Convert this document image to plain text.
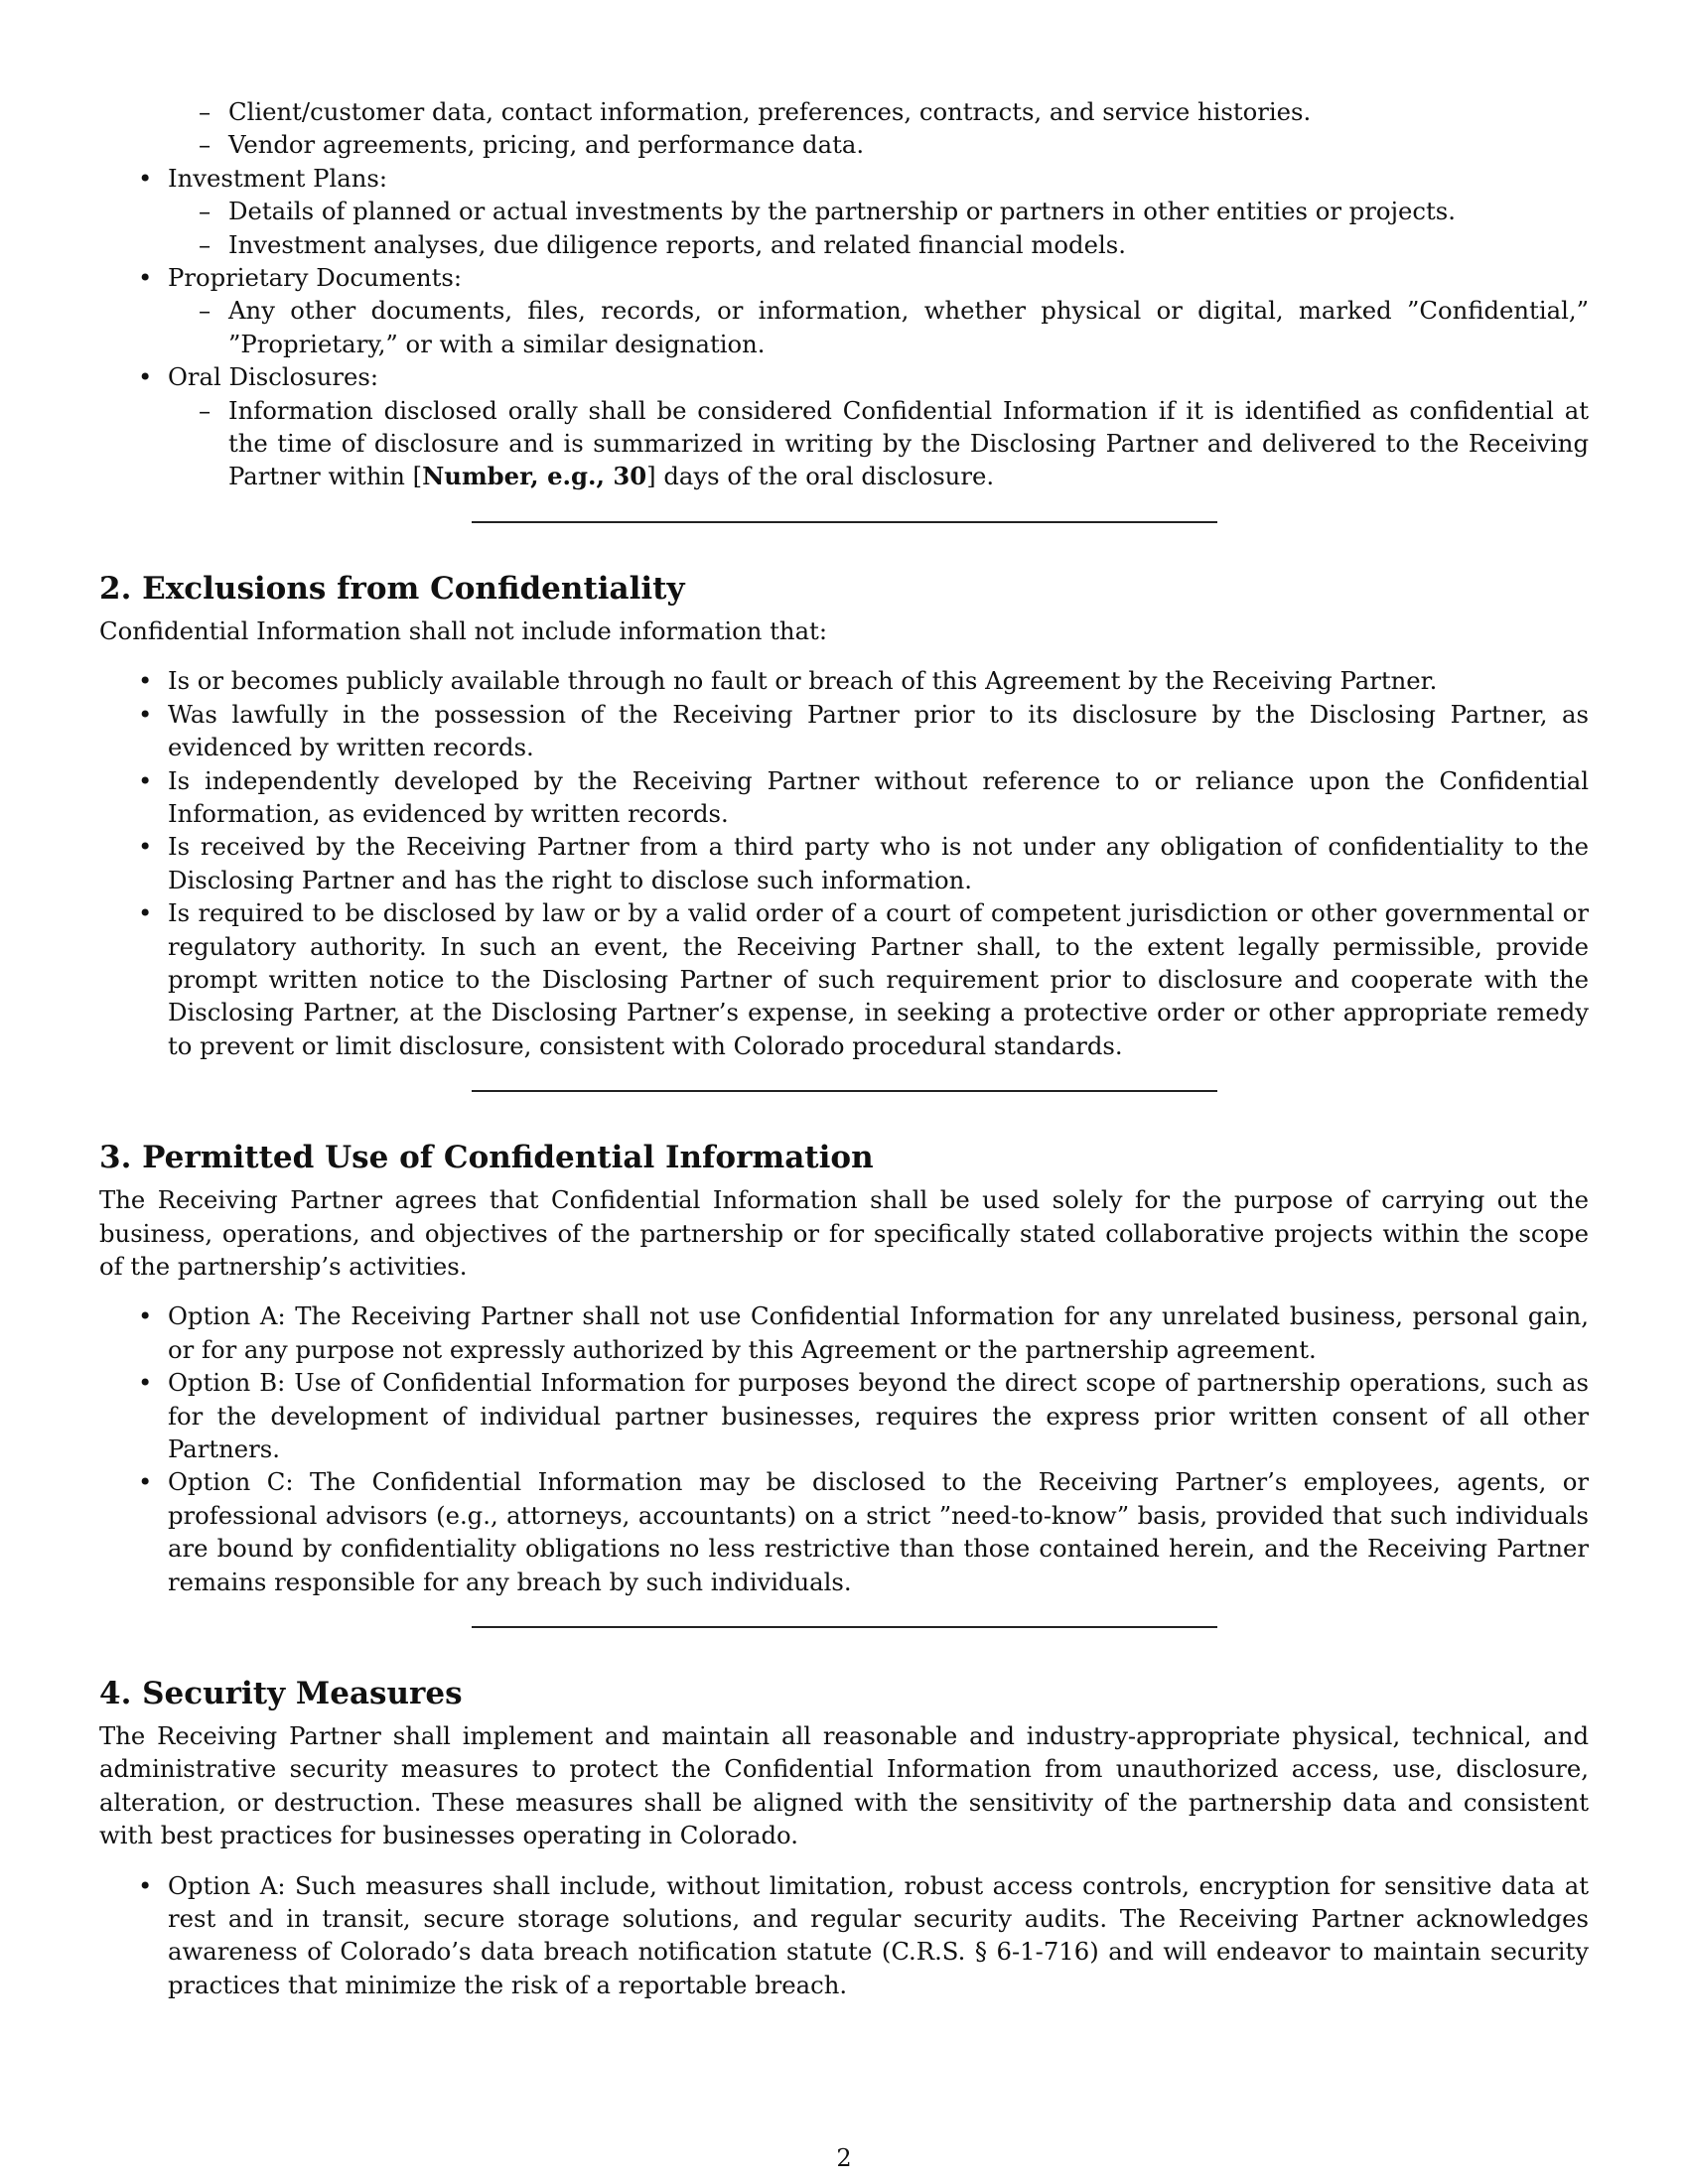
– Client/customer data, contact information, preferences, contracts, and service histories.
– Vendor agreements, pricing, and performance data.
• Investment Plans:
– Details of planned or actual investments by the partnership or partners in other entities or projects.
– Investment analyses, due diligence reports, and related financial models.
• Proprietary Documents:
– Any other documents, files, records, or information, whether physical or digital, marked ”Confidential,” ”Proprietary,” or with a similar designation.
• Oral Disclosures:
– Information disclosed orally shall be considered Confidential Information if it is identified as confidential at the time of disclosure and is summarized in writing by the Disclosing Partner and delivered to the Receiving Partner within [Number, e.g., 30] days of the oral disclosure.
2. Exclusions from Confidentiality

Confidential Information shall not include information that:

• Is or becomes publicly available through no fault or breach of this Agreement by the Receiving Partner.
• Was lawfully in the possession of the Receiving Partner prior to its disclosure by the Disclosing Partner, as evidenced by written records.
• Is independently developed by the Receiving Partner without reference to or reliance upon the Confidential Information, as evidenced by written records.
• Is received by the Receiving Partner from a third party who is not under any obligation of confidentiality to the Disclosing Partner and has the right to disclose such information.
• Is required to be disclosed by law or by a valid order of a court of competent jurisdiction or other governmental or regulatory authority. In such an event, the Receiving Partner shall, to the extent legally permissible, provide prompt written notice to the Disclosing Partner of such requirement prior to disclosure and cooperate with the Disclosing Partner, at the Disclosing Partner’s expense, in seeking a protective order or other appropriate remedy to prevent or limit disclosure, consistent with Colorado procedural standards.
3. Permitted Use of Confidential Information

The Receiving Partner agrees that Confidential Information shall be used solely for the purpose of carrying out the business, operations, and objectives of the partnership or for specifically stated collaborative projects within the scope of the partnership’s activities.

• Option A: The Receiving Partner shall not use Confidential Information for any unrelated business, personal gain, or for any purpose not expressly authorized by this Agreement or the partnership agreement.
• Option B: Use of Confidential Information for purposes beyond the direct scope of partnership operations, such as for the development of individual partner businesses, requires the express prior written consent of all other Partners.
• Option C: The Confidential Information may be disclosed to the Receiving Partner’s employees, agents, or professional advisors (e.g., attorneys, accountants) on a strict ”need-to-know” basis, provided that such individuals are bound by confidentiality obligations no less restrictive than those contained herein, and the Receiving Partner remains responsible for any breach by such individuals.
4. Security Measures

The Receiving Partner shall implement and maintain all reasonable and industry-appropriate physical, technical, and administrative security measures to protect the Confidential Information from unauthorized access, use, disclosure, alteration, or destruction. These measures shall be aligned with the sensitivity of the partnership data and consistent with best practices for businesses operating in Colorado.

• Option A: Such measures shall include, without limitation, robust access controls, encryption for sensitive data at rest and in transit, secure storage solutions, and regular security audits. The Receiving Partner acknowledges awareness of Colorado’s data breach notification statute (C.R.S. § 6-1-716) and will endeavor to maintain security practices that minimize the risk of a reportable breach.
2
